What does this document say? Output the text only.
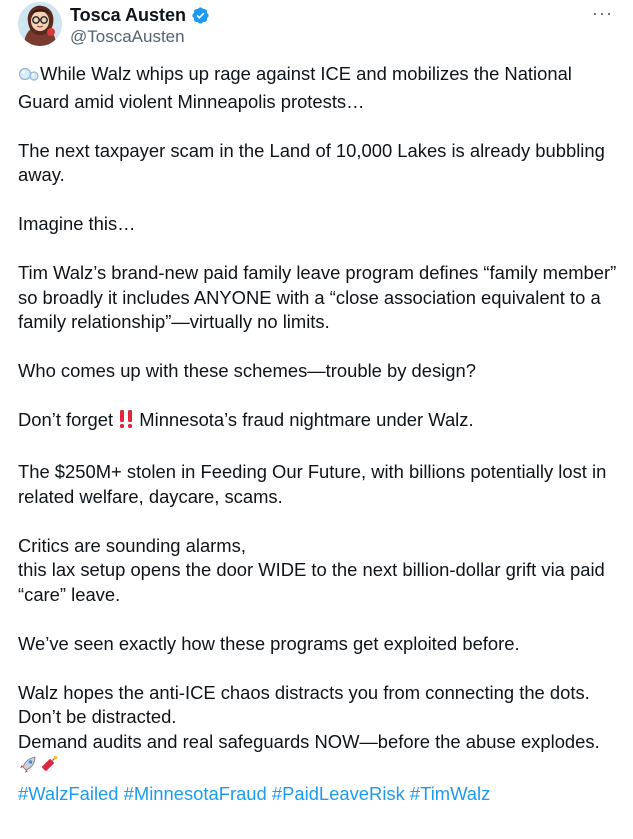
Tosca Austen
@ToscaAusten
···

While Walz whips up rage against ICE and mobilizes the National Guard amid violent Minneapolis protests…

The next taxpayer scam in the Land of 10,000 Lakes is already bubbling away.

Imagine this…

Tim Walz’s brand-new paid family leave program defines “family member” so broadly it includes ANYONE with a “close association equivalent to a family relationship”—virtually no limits.

Who comes up with these schemes—trouble by design?

Don’t forget  Minnesota’s fraud nightmare under Walz.

The $250M+ stolen in Feeding Our Future, with billions potentially lost in related welfare, daycare, scams.

Critics are sounding alarms,
this lax setup opens the door WIDE to the next billion-dollar grift via paid “care” leave.

We’ve seen exactly how these programs get exploited before.

Walz hopes the anti-ICE chaos distracts you from connecting the dots.
Don’t be distracted.
Demand audits and real safeguards NOW—before the abuse explodes.

#WalzFailed #MinnesotaFraud #PaidLeaveRisk #TimWalz
